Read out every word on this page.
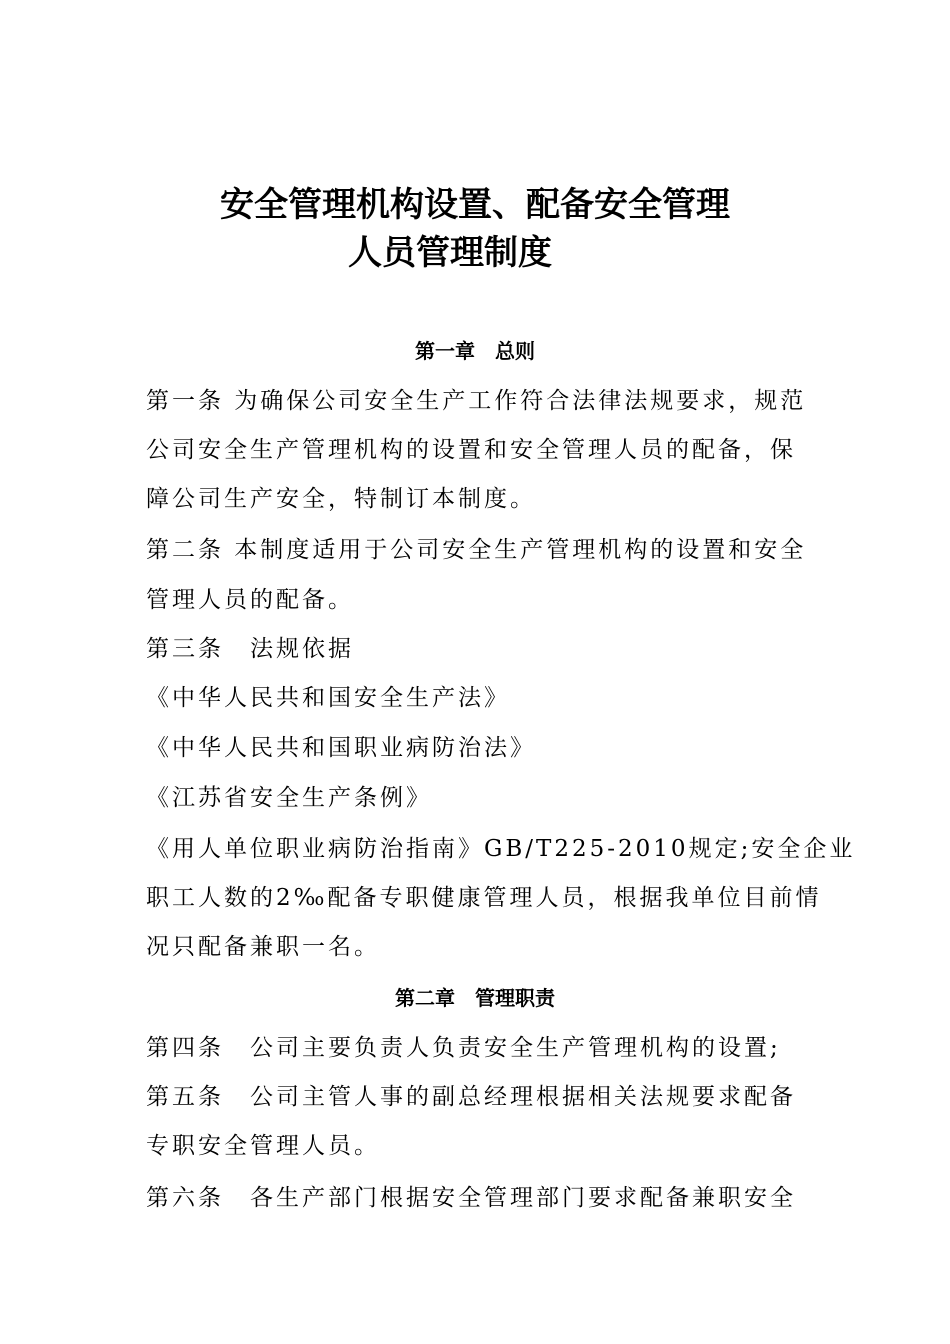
安全管理机构设置、配备安全管理
人员管理制度
第一章　总则
第一条 为确保公司安全生产工作符合法律法规要求，规范
公司安全生产管理机构的设置和安全管理人员的配备，保
障公司生产安全，特制订本制度。
第二条 本制度适用于公司安全生产管理机构的设置和安全
管理人员的配备。
第三条　法规依据
《中华人民共和国安全生产法》
《中华人民共和国职业病防治法》
《江苏省安全生产条例》
《用人单位职业病防治指南》GB/T225-2010规定;安全企业
职工人数的2‰配备专职健康管理人员，根据我单位目前情
况只配备兼职一名。
第二章　管理职责
第四条　公司主要负责人负责安全生产管理机构的设置;
第五条　公司主管人事的副总经理根据相关法规要求配备
专职安全管理人员。
第六条　各生产部门根据安全管理部门要求配备兼职安全
